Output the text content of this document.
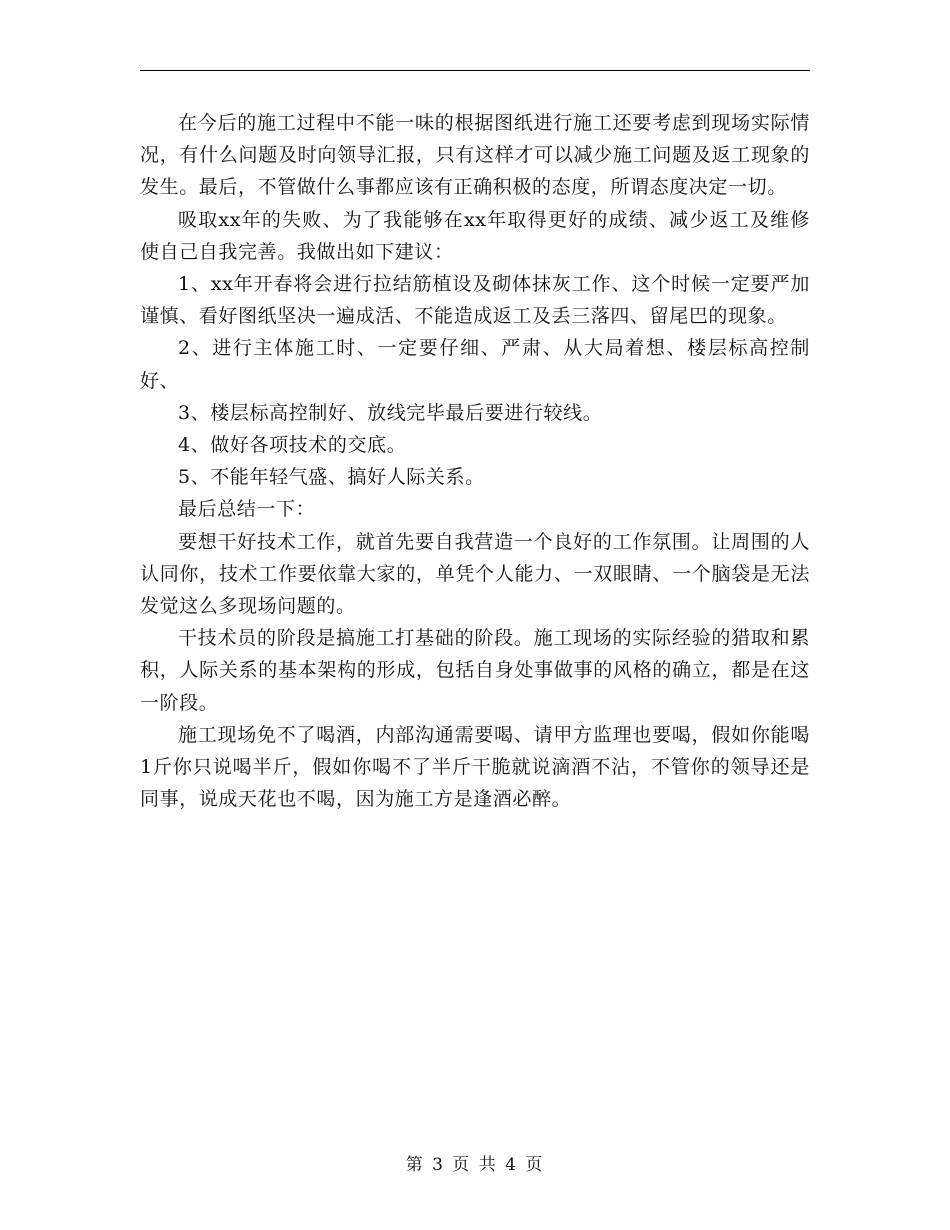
在今后的施工过程中不能一味的根据图纸进行施工还要考虑到现场实际情况，有什么问题及时向领导汇报，只有这样才可以减少施工问题及返工现象的发生。最后，不管做什么事都应该有正确积极的态度，所谓态度决定一切。

吸取xx年的失败、为了我能够在xx年取得更好的成绩、减少返工及维修使自己自我完善。我做出如下建议：

1、xx年开春将会进行拉结筋植设及砌体抹灰工作、这个时候一定要严加谨慎、看好图纸坚决一遍成活、不能造成返工及丢三落四、留尾巴的现象。

2、进行主体施工时、一定要仔细、严肃、从大局着想、楼层标高控制好、

3、楼层标高控制好、放线完毕最后要进行较线。

4、做好各项技术的交底。

5、不能年轻气盛、搞好人际关系。

最后总结一下：

要想干好技术工作，就首先要自我营造一个良好的工作氛围。让周围的人认同你，技术工作要依靠大家的，单凭个人能力、一双眼睛、一个脑袋是无法发觉这么多现场问题的。

干技术员的阶段是搞施工打基础的阶段。施工现场的实际经验的猎取和累积，人际关系的基本架构的形成，包括自身处事做事的风格的确立，都是在这一阶段。

施工现场免不了喝酒，内部沟通需要喝、请甲方监理也要喝，假如你能喝1斤你只说喝半斤，假如你喝不了半斤干脆就说滴酒不沾，不管你的领导还是同事，说成天花也不喝，因为施工方是逢酒必醉。

第 3 页 共 4 页
